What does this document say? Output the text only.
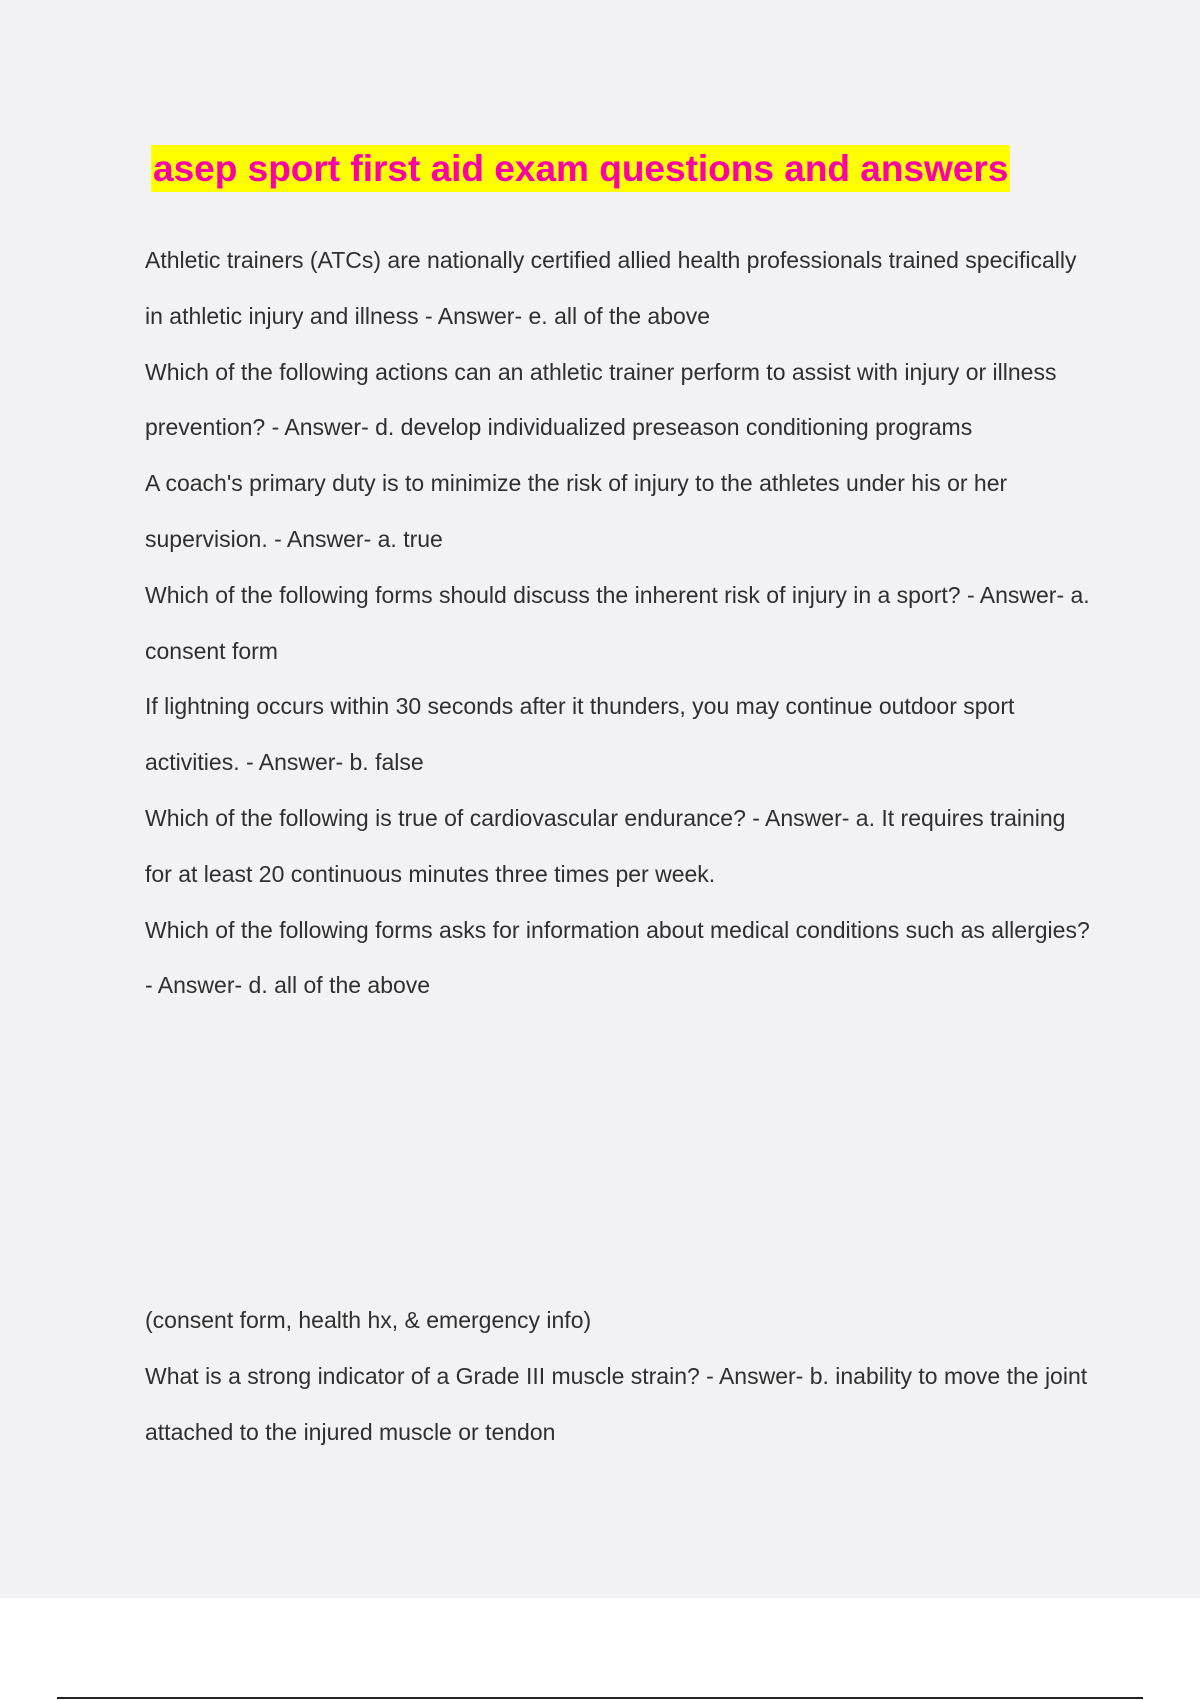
asep sport first aid exam questions and answers

Athletic trainers (ATCs) are nationally certified allied health professionals trained specifically in athletic injury and illness - Answer- e. all of the above

Which of the following actions can an athletic trainer perform to assist with injury or illness prevention? - Answer- d. develop individualized preseason conditioning programs

A coach's primary duty is to minimize the risk of injury to the athletes under his or her supervision. - Answer- a. true

Which of the following forms should discuss the inherent risk of injury in a sport? - Answer- a. consent form

If lightning occurs within 30 seconds after it thunders, you may continue outdoor sport activities. - Answer- b. false

Which of the following is true of cardiovascular endurance? - Answer- a. It requires training for at least 20 continuous minutes three times per week.

Which of the following forms asks for information about medical conditions such as allergies? - Answer- d. all of the above

(consent form, health hx, & emergency info)

What is a strong indicator of a Grade III muscle strain? - Answer- b. inability to move the joint attached to the injured muscle or tendon
